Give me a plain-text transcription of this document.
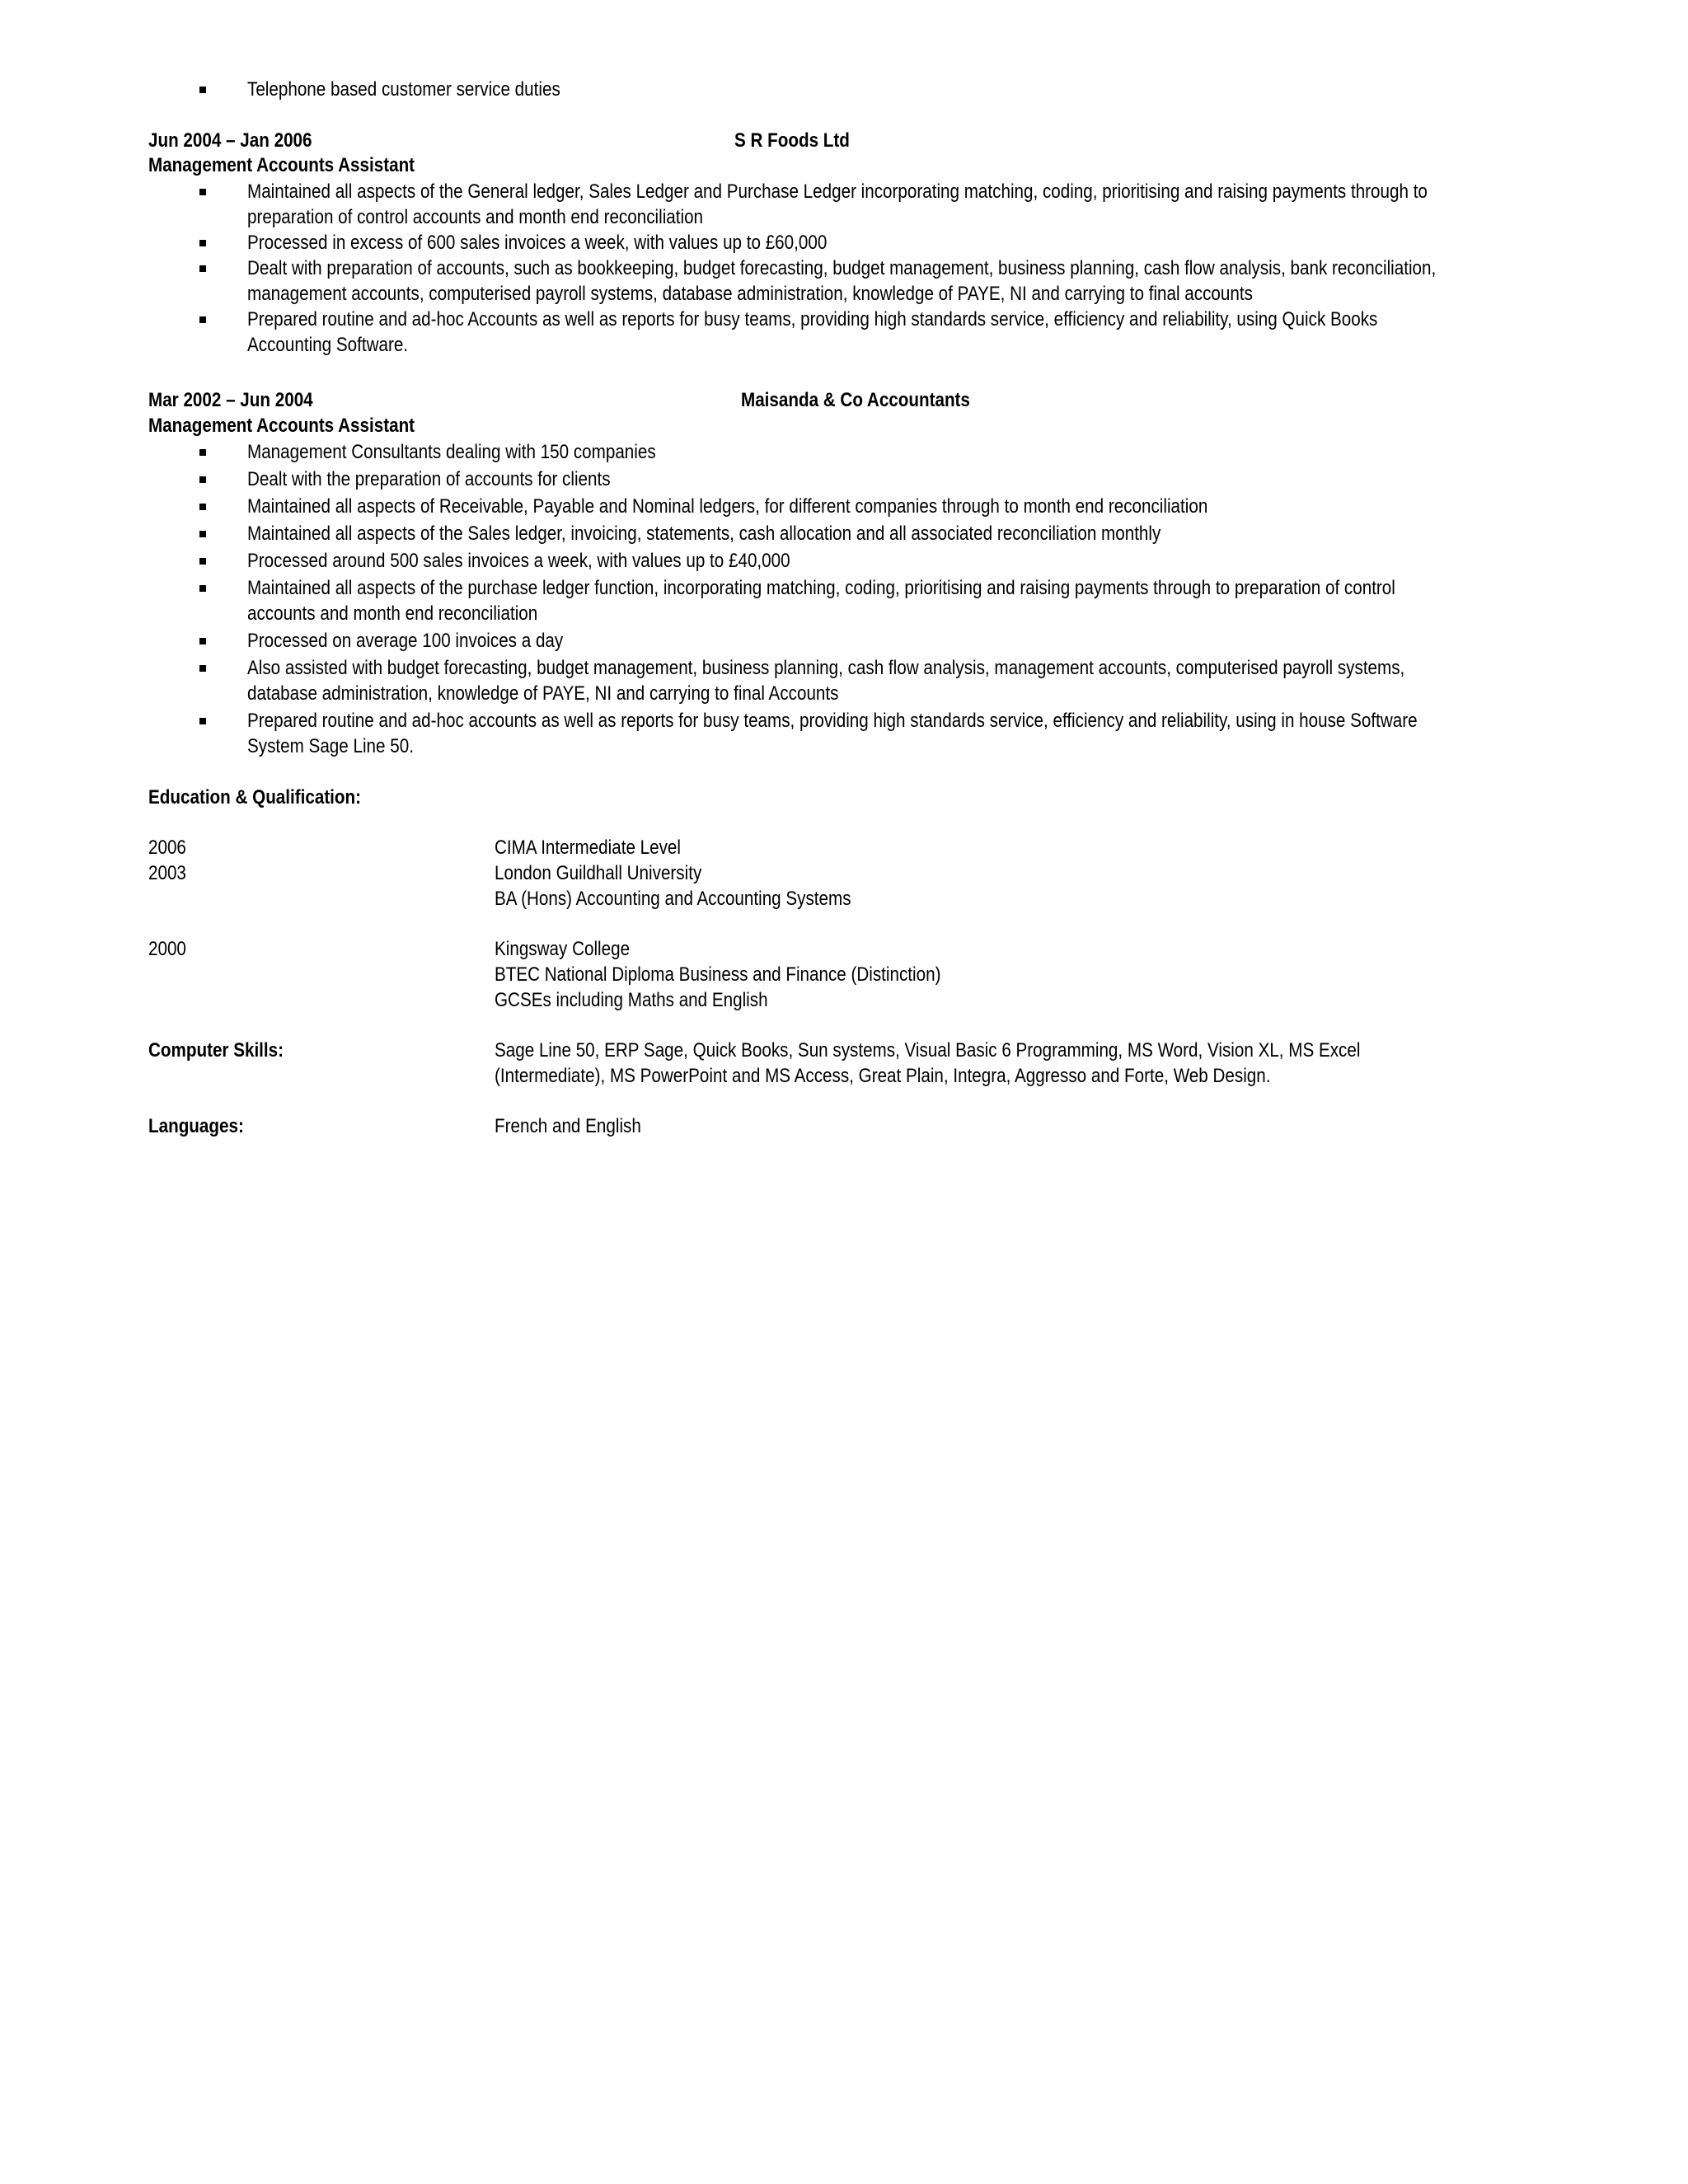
Telephone based customer service duties
Jun 2004 – Jan 2006	S R Foods Ltd
Management Accounts Assistant
Maintained all aspects of the General ledger, Sales Ledger and Purchase Ledger incorporating matching, coding, prioritising and raising payments through to
preparation of control accounts and month end reconciliation
Processed in excess of 600 sales invoices a week, with values up to £60,000
Dealt with preparation of accounts, such as bookkeeping, budget forecasting, budget management, business planning, cash flow analysis, bank reconciliation,
management accounts, computerised payroll systems, database administration, knowledge of PAYE, NI and carrying to final accounts
Prepared routine and ad-hoc Accounts as well as reports for busy teams, providing high standards service, efficiency and reliability, using Quick Books
Accounting Software.
Mar 2002 – Jun 2004	Maisanda & Co Accountants
Management Accounts Assistant
Management Consultants dealing with 150 companies
Dealt with the preparation of accounts for clients
Maintained all aspects of Receivable, Payable and Nominal ledgers, for different companies through to month end reconciliation
Maintained all aspects of the Sales ledger, invoicing, statements, cash allocation and all associated reconciliation monthly
Processed around 500 sales invoices a week, with values up to £40,000
Maintained all aspects of the purchase ledger function, incorporating matching, coding, prioritising and raising payments through to preparation of control
accounts and month end reconciliation
Processed on average 100 invoices a day
Also assisted with budget forecasting, budget management, business planning, cash flow analysis, management accounts, computerised payroll systems,
database administration, knowledge of PAYE, NI and carrying to final Accounts
Prepared routine and ad-hoc accounts as well as reports for busy teams, providing high standards service, efficiency and reliability, using in house Software
System Sage Line 50.
Education & Qualification:
2006	CIMA Intermediate Level
2003	London Guildhall University
BA (Hons) Accounting and Accounting Systems
2000	Kingsway College
BTEC National Diploma Business and Finance (Distinction)
GCSEs including Maths and English
Computer Skills:	Sage Line 50, ERP Sage, Quick Books, Sun systems, Visual Basic 6 Programming, MS Word, Vision XL, MS Excel
(Intermediate), MS PowerPoint and MS Access, Great Plain, Integra, Aggresso and Forte, Web Design.
Languages:	French and English
